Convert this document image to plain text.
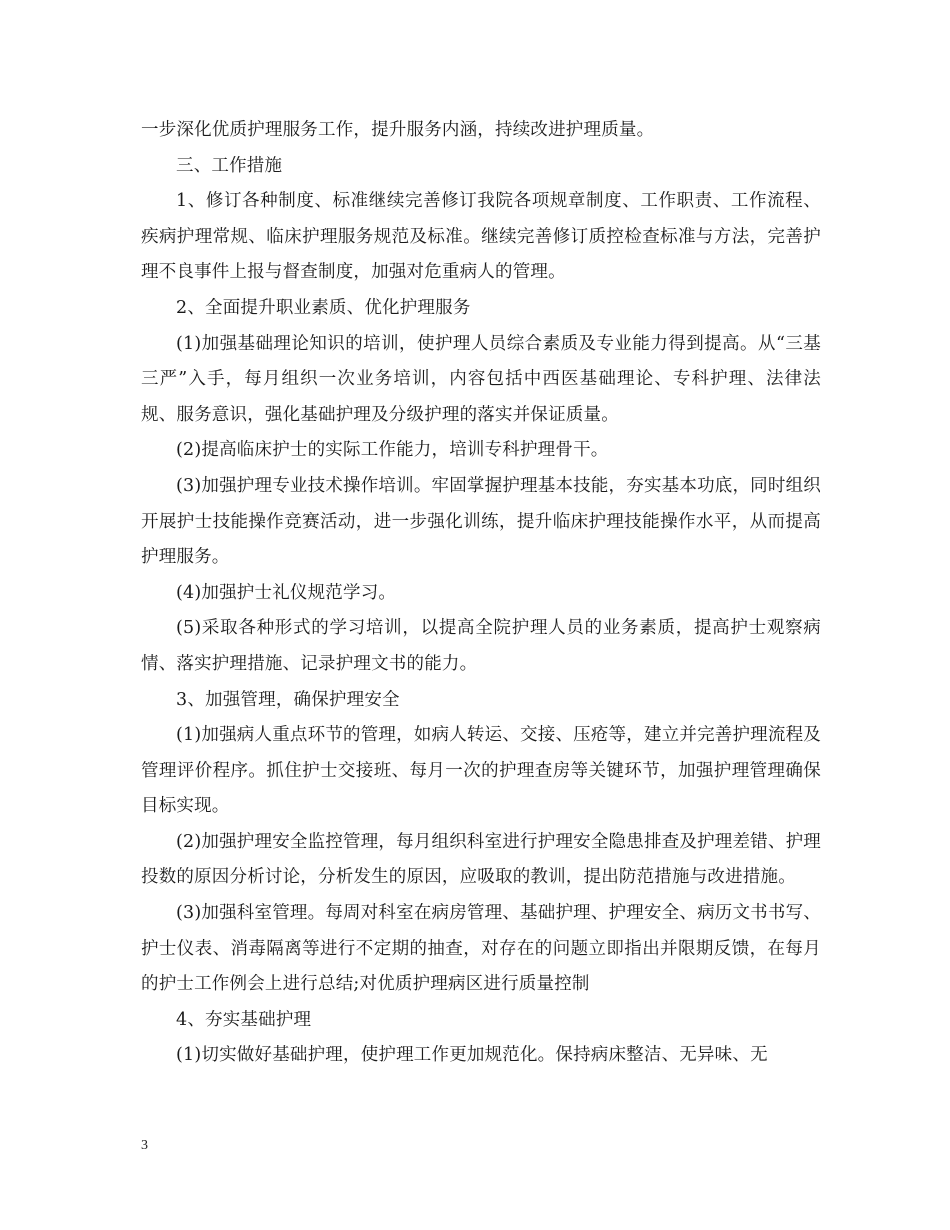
一步深化优质护理服务工作，提升服务内涵，持续改进护理质量。

三、工作措施

1、修订各种制度、标准继续完善修订我院各项规章制度、工作职责、工作流程、疾病护理常规、临床护理服务规范及标准。继续完善修订质控检查标准与方法，完善护理不良事件上报与督查制度，加强对危重病人的管理。

2、全面提升职业素质、优化护理服务

(1)加强基础理论知识的培训，使护理人员综合素质及专业能力得到提高。从“三基三严”入手，每月组织一次业务培训，内容包括中西医基础理论、专科护理、法律法规、服务意识，强化基础护理及分级护理的落实并保证质量。

(2)提高临床护士的实际工作能力，培训专科护理骨干。

(3)加强护理专业技术操作培训。牢固掌握护理基本技能，夯实基本功底，同时组织开展护士技能操作竞赛活动，进一步强化训练，提升临床护理技能操作水平，从而提高护理服务。

(4)加强护士礼仪规范学习。

(5)采取各种形式的学习培训，以提高全院护理人员的业务素质，提高护士观察病情、落实护理措施、记录护理文书的能力。

3、加强管理，确保护理安全

(1)加强病人重点环节的管理，如病人转运、交接、压疮等，建立并完善护理流程及管理评价程序。抓住护士交接班、每月一次的护理查房等关键环节，加强护理管理确保目标实现。

(2)加强护理安全监控管理，每月组织科室进行护理安全隐患排查及护理差错、护理投数的原因分析讨论，分析发生的原因，应吸取的教训，提出防范措施与改进措施。

(3)加强科室管理。每周对科室在病房管理、基础护理、护理安全、病历文书书写、护士仪表、消毒隔离等进行不定期的抽查，对存在的问题立即指出并限期反馈，在每月的护士工作例会上进行总结;对优质护理病区进行质量控制

4、夯实基础护理

(1)切实做好基础护理，使护理工作更加规范化。保持病床整洁、无异味、无

3
